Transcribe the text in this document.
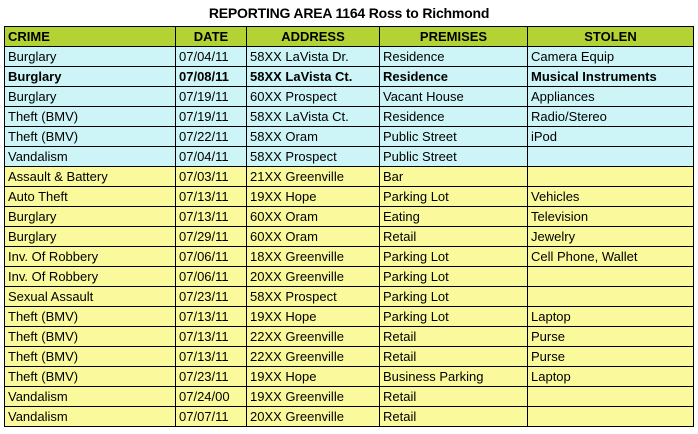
REPORTING AREA 1164 Ross to Richmond
CRIME	DATE	ADDRESS	PREMISES	STOLEN
Burglary	07/04/11	58XX LaVista Dr.	Residence	Camera Equip
Burglary	07/08/11	58XX LaVista Ct.	Residence	Musical Instruments
Burglary	07/19/11	60XX Prospect	Vacant House	Appliances
Theft (BMV)	07/19/11	58XX LaVista Ct.	Residence	Radio/Stereo
Theft (BMV)	07/22/11	58XX Oram	Public Street	iPod
Vandalism	07/04/11	58XX Prospect	Public Street	
Assault & Battery	07/03/11	21XX Greenville	Bar	
Auto Theft	07/13/11	19XX Hope	Parking Lot	Vehicles
Burglary	07/13/11	60XX Oram	Eating	Television
Burglary	07/29/11	60XX Oram	Retail	Jewelry
Inv. Of Robbery	07/06/11	18XX Greenville	Parking Lot	Cell Phone, Wallet
Inv. Of Robbery	07/06/11	20XX Greenville	Parking Lot	
Sexual Assault	07/23/11	58XX Prospect	Parking Lot	
Theft (BMV)	07/13/11	19XX Hope	Parking Lot	Laptop
Theft (BMV)	07/13/11	22XX Greenville	Retail	Purse
Theft (BMV)	07/13/11	22XX Greenville	Retail	Purse
Theft (BMV)	07/23/11	19XX Hope	Business Parking	Laptop
Vandalism	07/24/00	19XX Greenville	Retail	
Vandalism	07/07/11	20XX Greenville	Retail	
